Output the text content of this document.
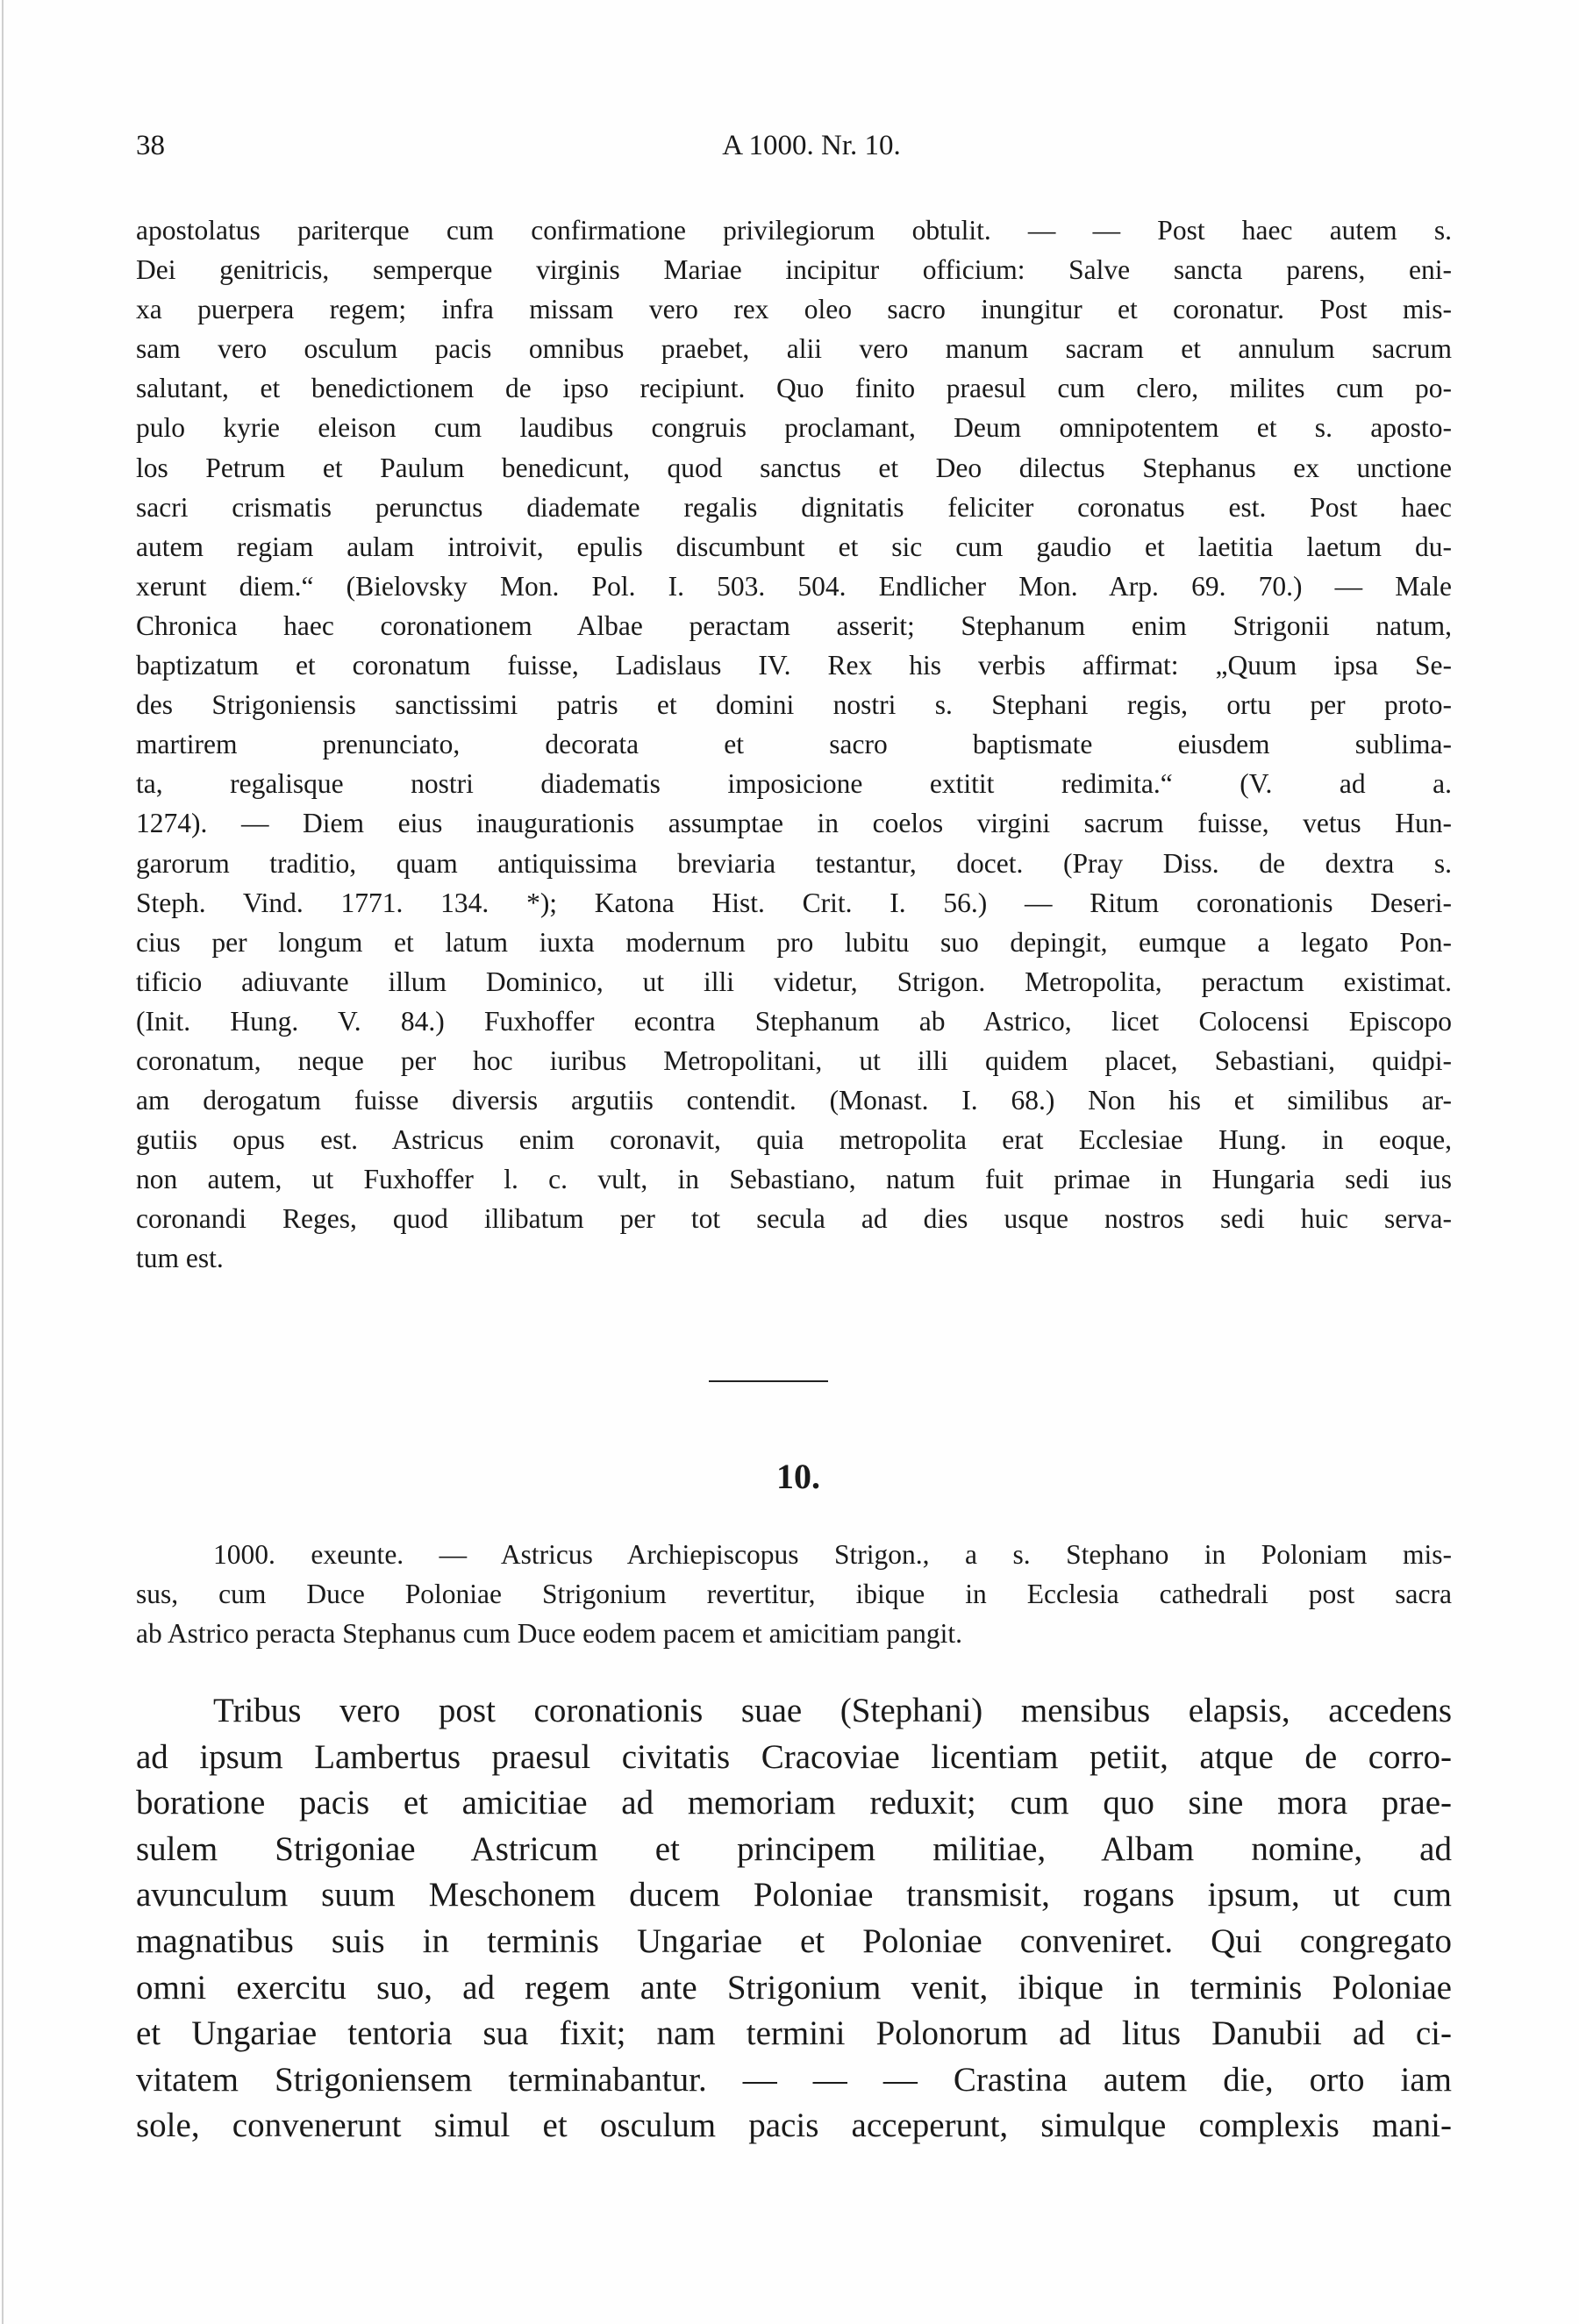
38	A 1000. Nr. 10.
apostolatus pariterque cum confirmatione privilegiorum obtulit. — — Post haec autem s.
Dei genitricis, semperque virginis Mariae incipitur officium: Salve sancta parens, eni-
xa puerpera regem; infra missam vero rex oleo sacro inungitur et coronatur. Post mis-
sam vero osculum pacis omnibus praebet, alii vero manum sacram et annulum sacrum
salutant, et benedictionem de ipso recipiunt. Quo finito praesul cum clero, milites cum po-
pulo kyrie eleison cum laudibus congruis proclamant, Deum omnipotentem et s. aposto-
los Petrum et Paulum benedicunt, quod sanctus et Deo dilectus Stephanus ex unctione
sacri crismatis perunctus diademate regalis dignitatis feliciter coronatus est. Post haec
autem regiam aulam introivit, epulis discumbunt et sic cum gaudio et laetitia laetum du-
xerunt diem.“ (Bielovsky Mon. Pol. I. 503. 504. Endlicher Mon. Arp. 69. 70.) — Male
Chronica haec coronationem Albae peractam asserit; Stephanum enim Strigonii natum,
baptizatum et coronatum fuisse, Ladislaus IV. Rex his verbis affirmat: „Quum ipsa Se-
des Strigoniensis sanctissimi patris et domini nostri s. Stephani regis, ortu per proto-
martirem prenunciato, decorata et sacro baptismate eiusdem sublima-
ta, regalisque nostri diadematis imposicione extitit redimita.“ (V. ad a.
1274). — Diem eius inaugurationis assumptae in coelos virgini sacrum fuisse, vetus Hun-
garorum traditio, quam antiquissima breviaria testantur, docet. (Pray Diss. de dextra s.
Steph. Vind. 1771. 134. *); Katona Hist. Crit. I. 56.) — Ritum coronationis Deseri-
cius per longum et latum iuxta modernum pro lubitu suo depingit, eumque a legato Pon-
tificio adiuvante illum Dominico, ut illi videtur, Strigon. Metropolita, peractum existimat.
(Init. Hung. V. 84.) Fuxhoffer econtra Stephanum ab Astrico, licet Colocensi Episcopo
coronatum, neque per hoc iuribus Metropolitani, ut illi quidem placet, Sebastiani, quidpi-
am derogatum fuisse diversis argutiis contendit. (Monast. I. 68.) Non his et similibus ar-
gutiis opus est. Astricus enim coronavit, quia metropolita erat Ecclesiae Hung. in eoque,
non autem, ut Fuxhoffer l. c. vult, in Sebastiano, natum fuit primae in Hungaria sedi ius
coronandi Reges, quod illibatum per tot secula ad dies usque nostros sedi huic serva-
tum est.
10.
1000. exeunte. — Astricus Archiepiscopus Strigon., a s. Stephano in Poloniam mis-
sus, cum Duce Poloniae Strigonium revertitur, ibique in Ecclesia cathedrali post sacra
ab Astrico peracta Stephanus cum Duce eodem pacem et amicitiam pangit.
Tribus vero post coronationis suae (Stephani) mensibus elapsis, accedens
ad ipsum Lambertus praesul civitatis Cracoviae licentiam petiit, atque de corro-
boratione pacis et amicitiae ad memoriam reduxit; cum quo sine mora prae-
sulem Strigoniae Astricum et principem militiae, Albam nomine, ad
avunculum suum Meschonem ducem Poloniae transmisit, rogans ipsum, ut cum
magnatibus suis in terminis Ungariae et Poloniae conveniret. Qui congregato
omni exercitu suo, ad regem ante Strigonium venit, ibique in terminis Poloniae
et Ungariae tentoria sua fixit; nam termini Polonorum ad litus Danubii ad ci-
vitatem Strigoniensem terminabantur. — — — Crastina autem die, orto iam
sole, convenerunt simul et osculum pacis acceperunt, simulque complexis mani-
